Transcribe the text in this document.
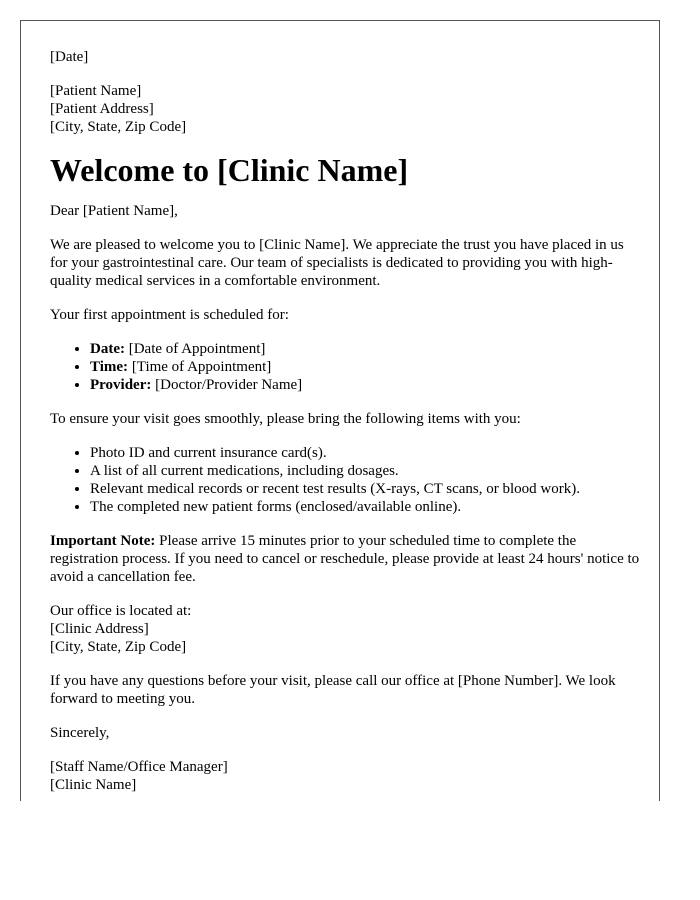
[Date]

[Patient Name]
[Patient Address]
[City, State, Zip Code]

Welcome to [Clinic Name]

Dear [Patient Name],

We are pleased to welcome you to [Clinic Name]. We appreciate the trust you have placed in us for your gastrointestinal care. Our team of specialists is dedicated to providing you with high-quality medical services in a comfortable environment.

Your first appointment is scheduled for:

• Date: [Date of Appointment]
• Time: [Time of Appointment]
• Provider: [Doctor/Provider Name]

To ensure your visit goes smoothly, please bring the following items with you:

• Photo ID and current insurance card(s).
• A list of all current medications, including dosages.
• Relevant medical records or recent test results (X-rays, CT scans, or blood work).
• The completed new patient forms (enclosed/available online).

Important Note: Please arrive 15 minutes prior to your scheduled time to complete the registration process. If you need to cancel or reschedule, please provide at least 24 hours' notice to avoid a cancellation fee.

Our office is located at:
[Clinic Address]
[City, State, Zip Code]

If you have any questions before your visit, please call our office at [Phone Number]. We look forward to meeting you.

Sincerely,

[Staff Name/Office Manager]
[Clinic Name]
